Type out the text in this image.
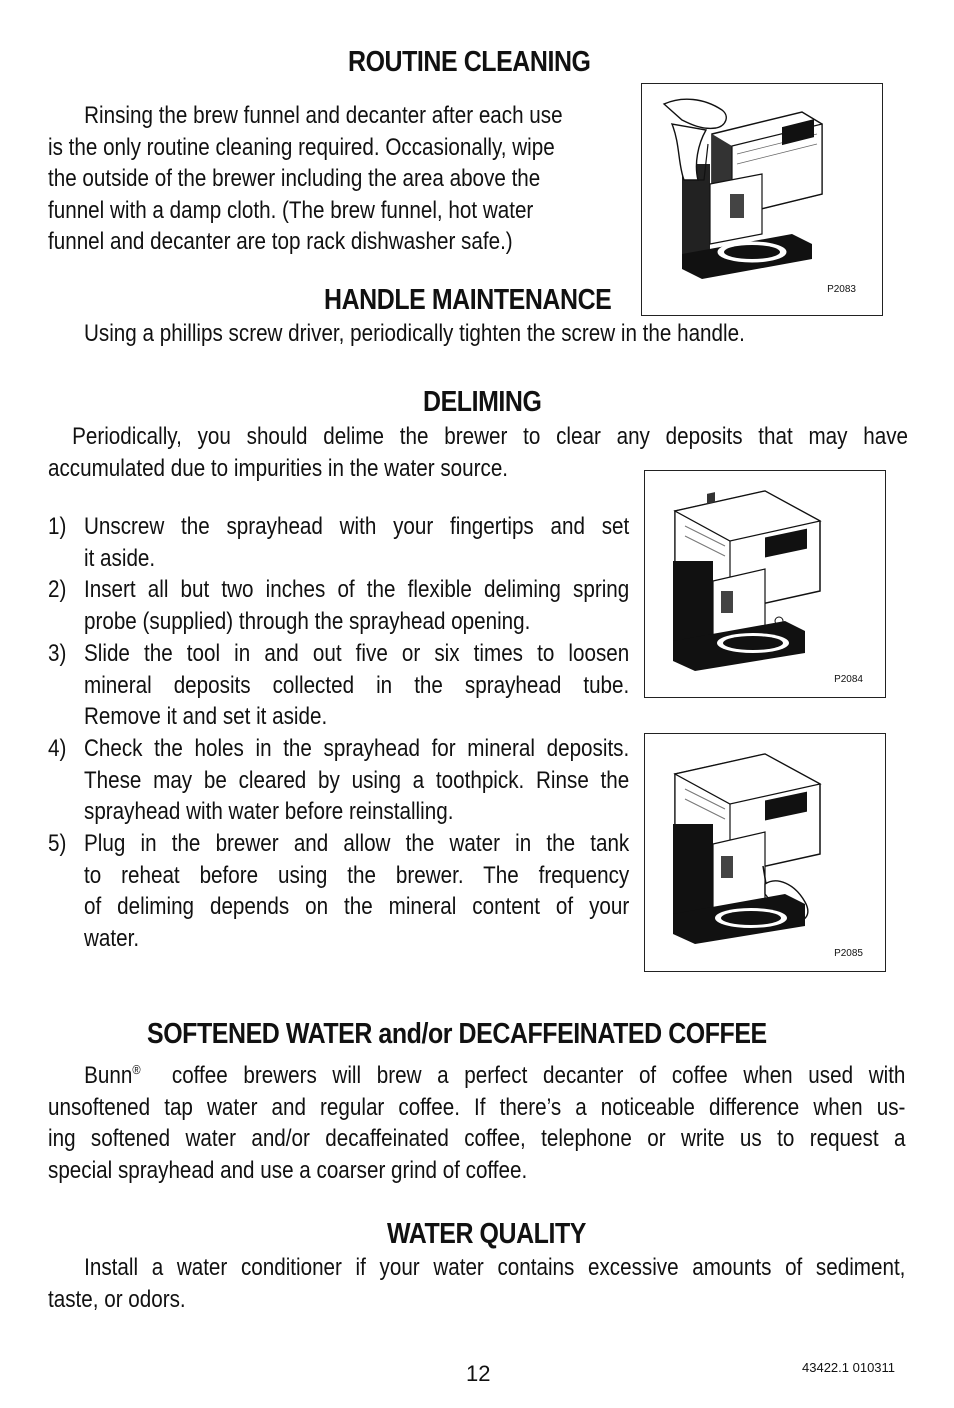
ROUTINE CLEANING
Rinsing the brew funnel and decanter after each use
is the only routine cleaning required. Occasionally, wipe
the outside of the brewer including the area above the
funnel with a damp cloth. (The brew funnel, hot water
funnel and decanter are top rack dishwasher safe.)
P2083
HANDLE MAINTENANCE
Using a phillips screw driver, periodically tighten the screw in the handle.
DELIMING
Periodically, you should delime the brewer to clear any deposits that may have
accumulated due to impurities in the water source.
1) Unscrew the sprayhead with your fingertips and set
it aside.
2) Insert all but two inches of the flexible deliming spring
probe (supplied) through the sprayhead opening.
3) Slide the tool in and out five or six times to loosen
mineral deposits collected in the sprayhead tube.
Remove it and set it aside.
4) Check the holes in the sprayhead for mineral deposits.
These may be cleared by using a toothpick. Rinse the
sprayhead with water before reinstalling.
5) Plug in the brewer and allow the water in the tank
to reheat before using the brewer. The frequency
of deliming depends on the mineral content of your
water.
P2084
P2085
SOFTENED WATER and/or DECAFFEINATED COFFEE
Bunn® coffee brewers will brew a perfect decanter of coffee when used with
unsoftened tap water and regular coffee. If there’s a noticeable difference when us-
ing softened water and/or decaffeinated coffee, telephone or write us to request a
special sprayhead and use a coarser grind of coffee.
WATER QUALITY
Install a water conditioner if your water contains excessive amounts of sediment,
taste, or odors.
12	43422.1 010311
